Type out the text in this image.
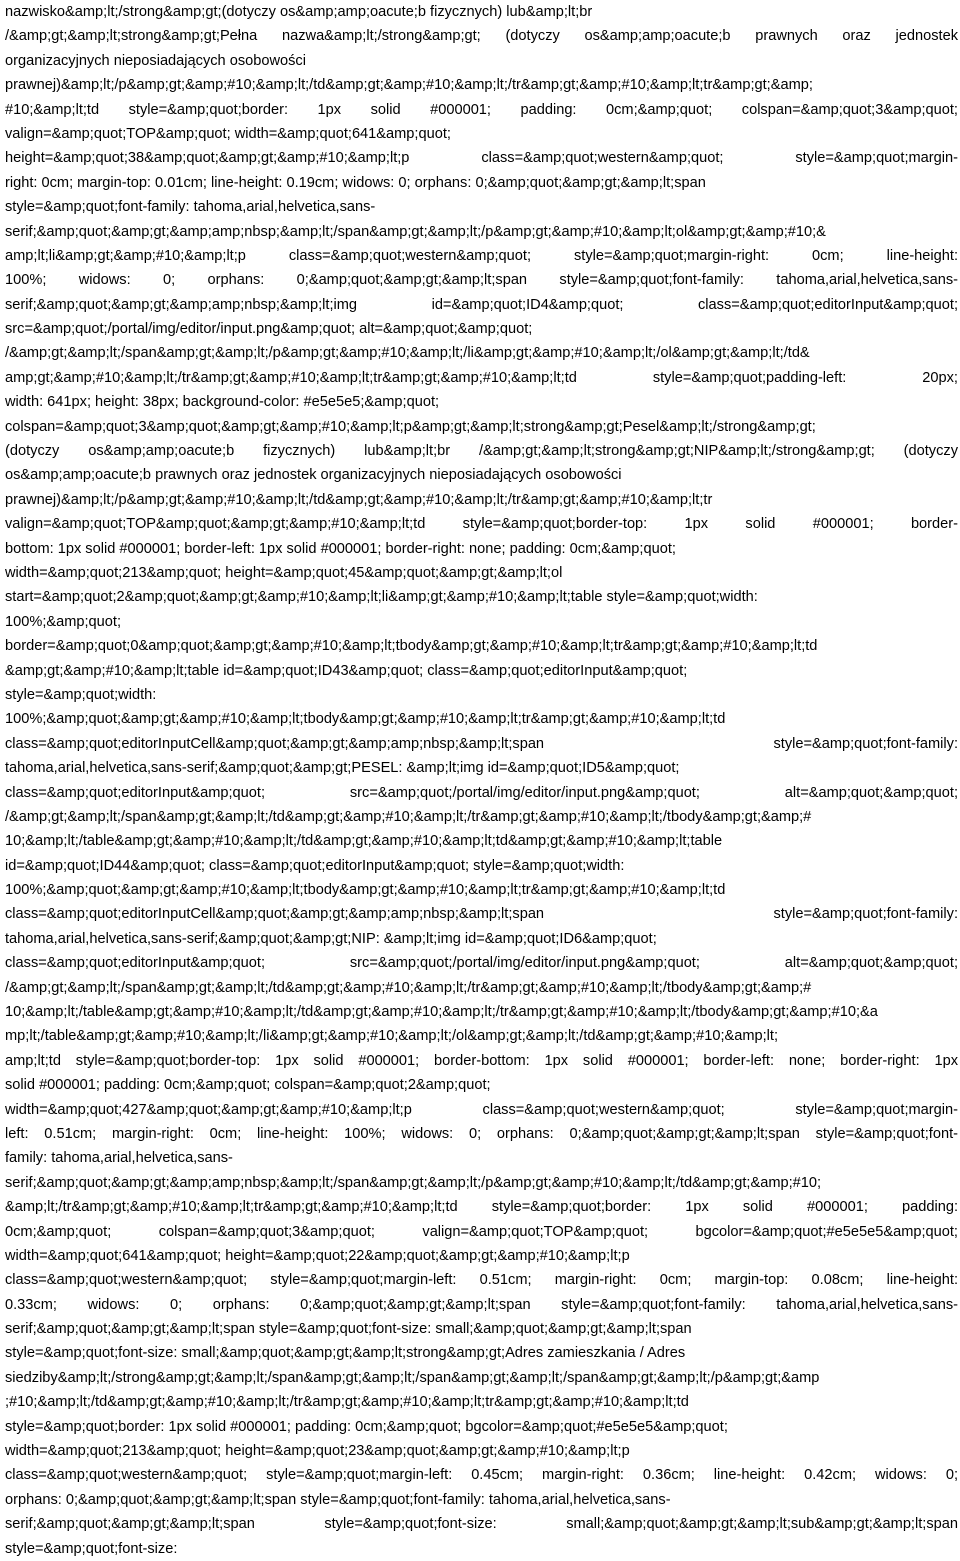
nazwisko&amp;lt;/strong&amp;gt;(dotyczy os&amp;amp;oacute;b fizycznych) lub&amp;lt;br
/&amp;gt;&amp;lt;strong&amp;gt;Pełna nazwa&amp;lt;/strong&amp;gt; (dotyczy os&amp;amp;oacute;b prawnych oraz jednostek
organizacyjnych nieposiadających osobowości
prawnej)&amp;lt;/p&amp;gt;&amp;#10;&amp;lt;/td&amp;gt;&amp;#10;&amp;lt;/tr&amp;gt;&amp;#10;&amp;lt;tr&amp;gt;&amp;
#10;&amp;lt;td style=&amp;quot;border: 1px solid #000001; padding: 0cm;&amp;quot; colspan=&amp;quot;3&amp;quot;
valign=&amp;quot;TOP&amp;quot; width=&amp;quot;641&amp;quot;
height=&amp;quot;38&amp;quot;&amp;gt;&amp;#10;&amp;lt;p class=&amp;quot;western&amp;quot; style=&amp;quot;margin-
right: 0cm; margin-top: 0.01cm; line-height: 0.19cm; widows: 0; orphans: 0;&amp;quot;&amp;gt;&amp;lt;span
style=&amp;quot;font-family: tahoma,arial,helvetica,sans-
serif;&amp;quot;&amp;gt;&amp;amp;nbsp;&amp;lt;/span&amp;gt;&amp;lt;/p&amp;gt;&amp;#10;&amp;lt;ol&amp;gt;&amp;#10;&
amp;lt;li&amp;gt;&amp;#10;&amp;lt;p class=&amp;quot;western&amp;quot; style=&amp;quot;margin-right: 0cm; line-height:
100%; widows: 0; orphans: 0;&amp;quot;&amp;gt;&amp;lt;span style=&amp;quot;font-family: tahoma,arial,helvetica,sans-
serif;&amp;quot;&amp;gt;&amp;amp;nbsp;&amp;lt;img id=&amp;quot;ID4&amp;quot; class=&amp;quot;editorInput&amp;quot;
src=&amp;quot;/portal/img/editor/input.png&amp;quot; alt=&amp;quot;&amp;quot;
/&amp;gt;&amp;lt;/span&amp;gt;&amp;lt;/p&amp;gt;&amp;#10;&amp;lt;/li&amp;gt;&amp;#10;&amp;lt;/ol&amp;gt;&amp;lt;/td&
amp;gt;&amp;#10;&amp;lt;/tr&amp;gt;&amp;#10;&amp;lt;tr&amp;gt;&amp;#10;&amp;lt;td style=&amp;quot;padding-left: 20px;
width: 641px; height: 38px; background-color: #e5e5e5;&amp;quot;
colspan=&amp;quot;3&amp;quot;&amp;gt;&amp;#10;&amp;lt;p&amp;gt;&amp;lt;strong&amp;gt;Pesel&amp;lt;/strong&amp;gt;
(dotyczy os&amp;amp;oacute;b fizycznych) lub&amp;lt;br /&amp;gt;&amp;lt;strong&amp;gt;NIP&amp;lt;/strong&amp;gt; (dotyczy
os&amp;amp;oacute;b prawnych oraz jednostek organizacyjnych nieposiadających osobowości
prawnej)&amp;lt;/p&amp;gt;&amp;#10;&amp;lt;/td&amp;gt;&amp;#10;&amp;lt;/tr&amp;gt;&amp;#10;&amp;lt;tr
valign=&amp;quot;TOP&amp;quot;&amp;gt;&amp;#10;&amp;lt;td style=&amp;quot;border-top: 1px solid #000001; border-
bottom: 1px solid #000001; border-left: 1px solid #000001; border-right: none; padding: 0cm;&amp;quot;
width=&amp;quot;213&amp;quot; height=&amp;quot;45&amp;quot;&amp;gt;&amp;lt;ol
start=&amp;quot;2&amp;quot;&amp;gt;&amp;#10;&amp;lt;li&amp;gt;&amp;#10;&amp;lt;table style=&amp;quot;width:
100%;&amp;quot;
border=&amp;quot;0&amp;quot;&amp;gt;&amp;#10;&amp;lt;tbody&amp;gt;&amp;#10;&amp;lt;tr&amp;gt;&amp;#10;&amp;lt;td
&amp;gt;&amp;#10;&amp;lt;table id=&amp;quot;ID43&amp;quot; class=&amp;quot;editorInput&amp;quot;
style=&amp;quot;width:
100%;&amp;quot;&amp;gt;&amp;#10;&amp;lt;tbody&amp;gt;&amp;#10;&amp;lt;tr&amp;gt;&amp;#10;&amp;lt;td
class=&amp;quot;editorInputCell&amp;quot;&amp;gt;&amp;amp;nbsp;&amp;lt;span style=&amp;quot;font-family:
tahoma,arial,helvetica,sans-serif;&amp;quot;&amp;gt;PESEL: &amp;lt;img id=&amp;quot;ID5&amp;quot;
class=&amp;quot;editorInput&amp;quot; src=&amp;quot;/portal/img/editor/input.png&amp;quot; alt=&amp;quot;&amp;quot;
/&amp;gt;&amp;lt;/span&amp;gt;&amp;lt;/td&amp;gt;&amp;#10;&amp;lt;/tr&amp;gt;&amp;#10;&amp;lt;/tbody&amp;gt;&amp;#
10;&amp;lt;/table&amp;gt;&amp;#10;&amp;lt;/td&amp;gt;&amp;#10;&amp;lt;td&amp;gt;&amp;#10;&amp;lt;table
id=&amp;quot;ID44&amp;quot; class=&amp;quot;editorInput&amp;quot; style=&amp;quot;width:
100%;&amp;quot;&amp;gt;&amp;#10;&amp;lt;tbody&amp;gt;&amp;#10;&amp;lt;tr&amp;gt;&amp;#10;&amp;lt;td
class=&amp;quot;editorInputCell&amp;quot;&amp;gt;&amp;amp;nbsp;&amp;lt;span style=&amp;quot;font-family:
tahoma,arial,helvetica,sans-serif;&amp;quot;&amp;gt;NIP: &amp;lt;img id=&amp;quot;ID6&amp;quot;
class=&amp;quot;editorInput&amp;quot; src=&amp;quot;/portal/img/editor/input.png&amp;quot; alt=&amp;quot;&amp;quot;
/&amp;gt;&amp;lt;/span&amp;gt;&amp;lt;/td&amp;gt;&amp;#10;&amp;lt;/tr&amp;gt;&amp;#10;&amp;lt;/tbody&amp;gt;&amp;#
10;&amp;lt;/table&amp;gt;&amp;#10;&amp;lt;/td&amp;gt;&amp;#10;&amp;lt;/tr&amp;gt;&amp;#10;&amp;lt;/tbody&amp;gt;&amp;#10;&a
mp;lt;/table&amp;gt;&amp;#10;&amp;lt;/li&amp;gt;&amp;#10;&amp;lt;/ol&amp;gt;&amp;lt;/td&amp;gt;&amp;#10;&amp;lt;
amp;lt;td style=&amp;quot;border-top: 1px solid #000001; border-bottom: 1px solid #000001; border-left: none; border-right: 1px
solid #000001; padding: 0cm;&amp;quot; colspan=&amp;quot;2&amp;quot;
width=&amp;quot;427&amp;quot;&amp;gt;&amp;#10;&amp;lt;p class=&amp;quot;western&amp;quot; style=&amp;quot;margin-
left: 0.51cm; margin-right: 0cm; line-height: 100%; widows: 0; orphans: 0;&amp;quot;&amp;gt;&amp;lt;span style=&amp;quot;font-
family: tahoma,arial,helvetica,sans-
serif;&amp;quot;&amp;gt;&amp;amp;nbsp;&amp;lt;/span&amp;gt;&amp;lt;/p&amp;gt;&amp;#10;&amp;lt;/td&amp;gt;&amp;#10;
&amp;lt;/tr&amp;gt;&amp;#10;&amp;lt;tr&amp;gt;&amp;#10;&amp;lt;td style=&amp;quot;border: 1px solid #000001; padding:
0cm;&amp;quot; colspan=&amp;quot;3&amp;quot; valign=&amp;quot;TOP&amp;quot; bgcolor=&amp;quot;#e5e5e5&amp;quot;
width=&amp;quot;641&amp;quot; height=&amp;quot;22&amp;quot;&amp;gt;&amp;#10;&amp;lt;p
class=&amp;quot;western&amp;quot; style=&amp;quot;margin-left: 0.51cm; margin-right: 0cm; margin-top: 0.08cm; line-height:
0.33cm; widows: 0; orphans: 0;&amp;quot;&amp;gt;&amp;lt;span style=&amp;quot;font-family: tahoma,arial,helvetica,sans-
serif;&amp;quot;&amp;gt;&amp;lt;span style=&amp;quot;font-size: small;&amp;quot;&amp;gt;&amp;lt;span
style=&amp;quot;font-size: small;&amp;quot;&amp;gt;&amp;lt;strong&amp;gt;Adres zamieszkania / Adres
siedziby&amp;lt;/strong&amp;gt;&amp;lt;/span&amp;gt;&amp;lt;/span&amp;gt;&amp;lt;/span&amp;gt;&amp;lt;/p&amp;gt;&amp
;#10;&amp;lt;/td&amp;gt;&amp;#10;&amp;lt;/tr&amp;gt;&amp;#10;&amp;lt;tr&amp;gt;&amp;#10;&amp;lt;td
style=&amp;quot;border: 1px solid #000001; padding: 0cm;&amp;quot; bgcolor=&amp;quot;#e5e5e5&amp;quot;
width=&amp;quot;213&amp;quot; height=&amp;quot;23&amp;quot;&amp;gt;&amp;#10;&amp;lt;p
class=&amp;quot;western&amp;quot; style=&amp;quot;margin-left: 0.45cm; margin-right: 0.36cm; line-height: 0.42cm; widows: 0;
orphans: 0;&amp;quot;&amp;gt;&amp;lt;span style=&amp;quot;font-family: tahoma,arial,helvetica,sans-
serif;&amp;quot;&amp;gt;&amp;lt;span style=&amp;quot;font-size: small;&amp;quot;&amp;gt;&amp;lt;sub&amp;gt;&amp;lt;span
style=&amp;quot;font-size:
